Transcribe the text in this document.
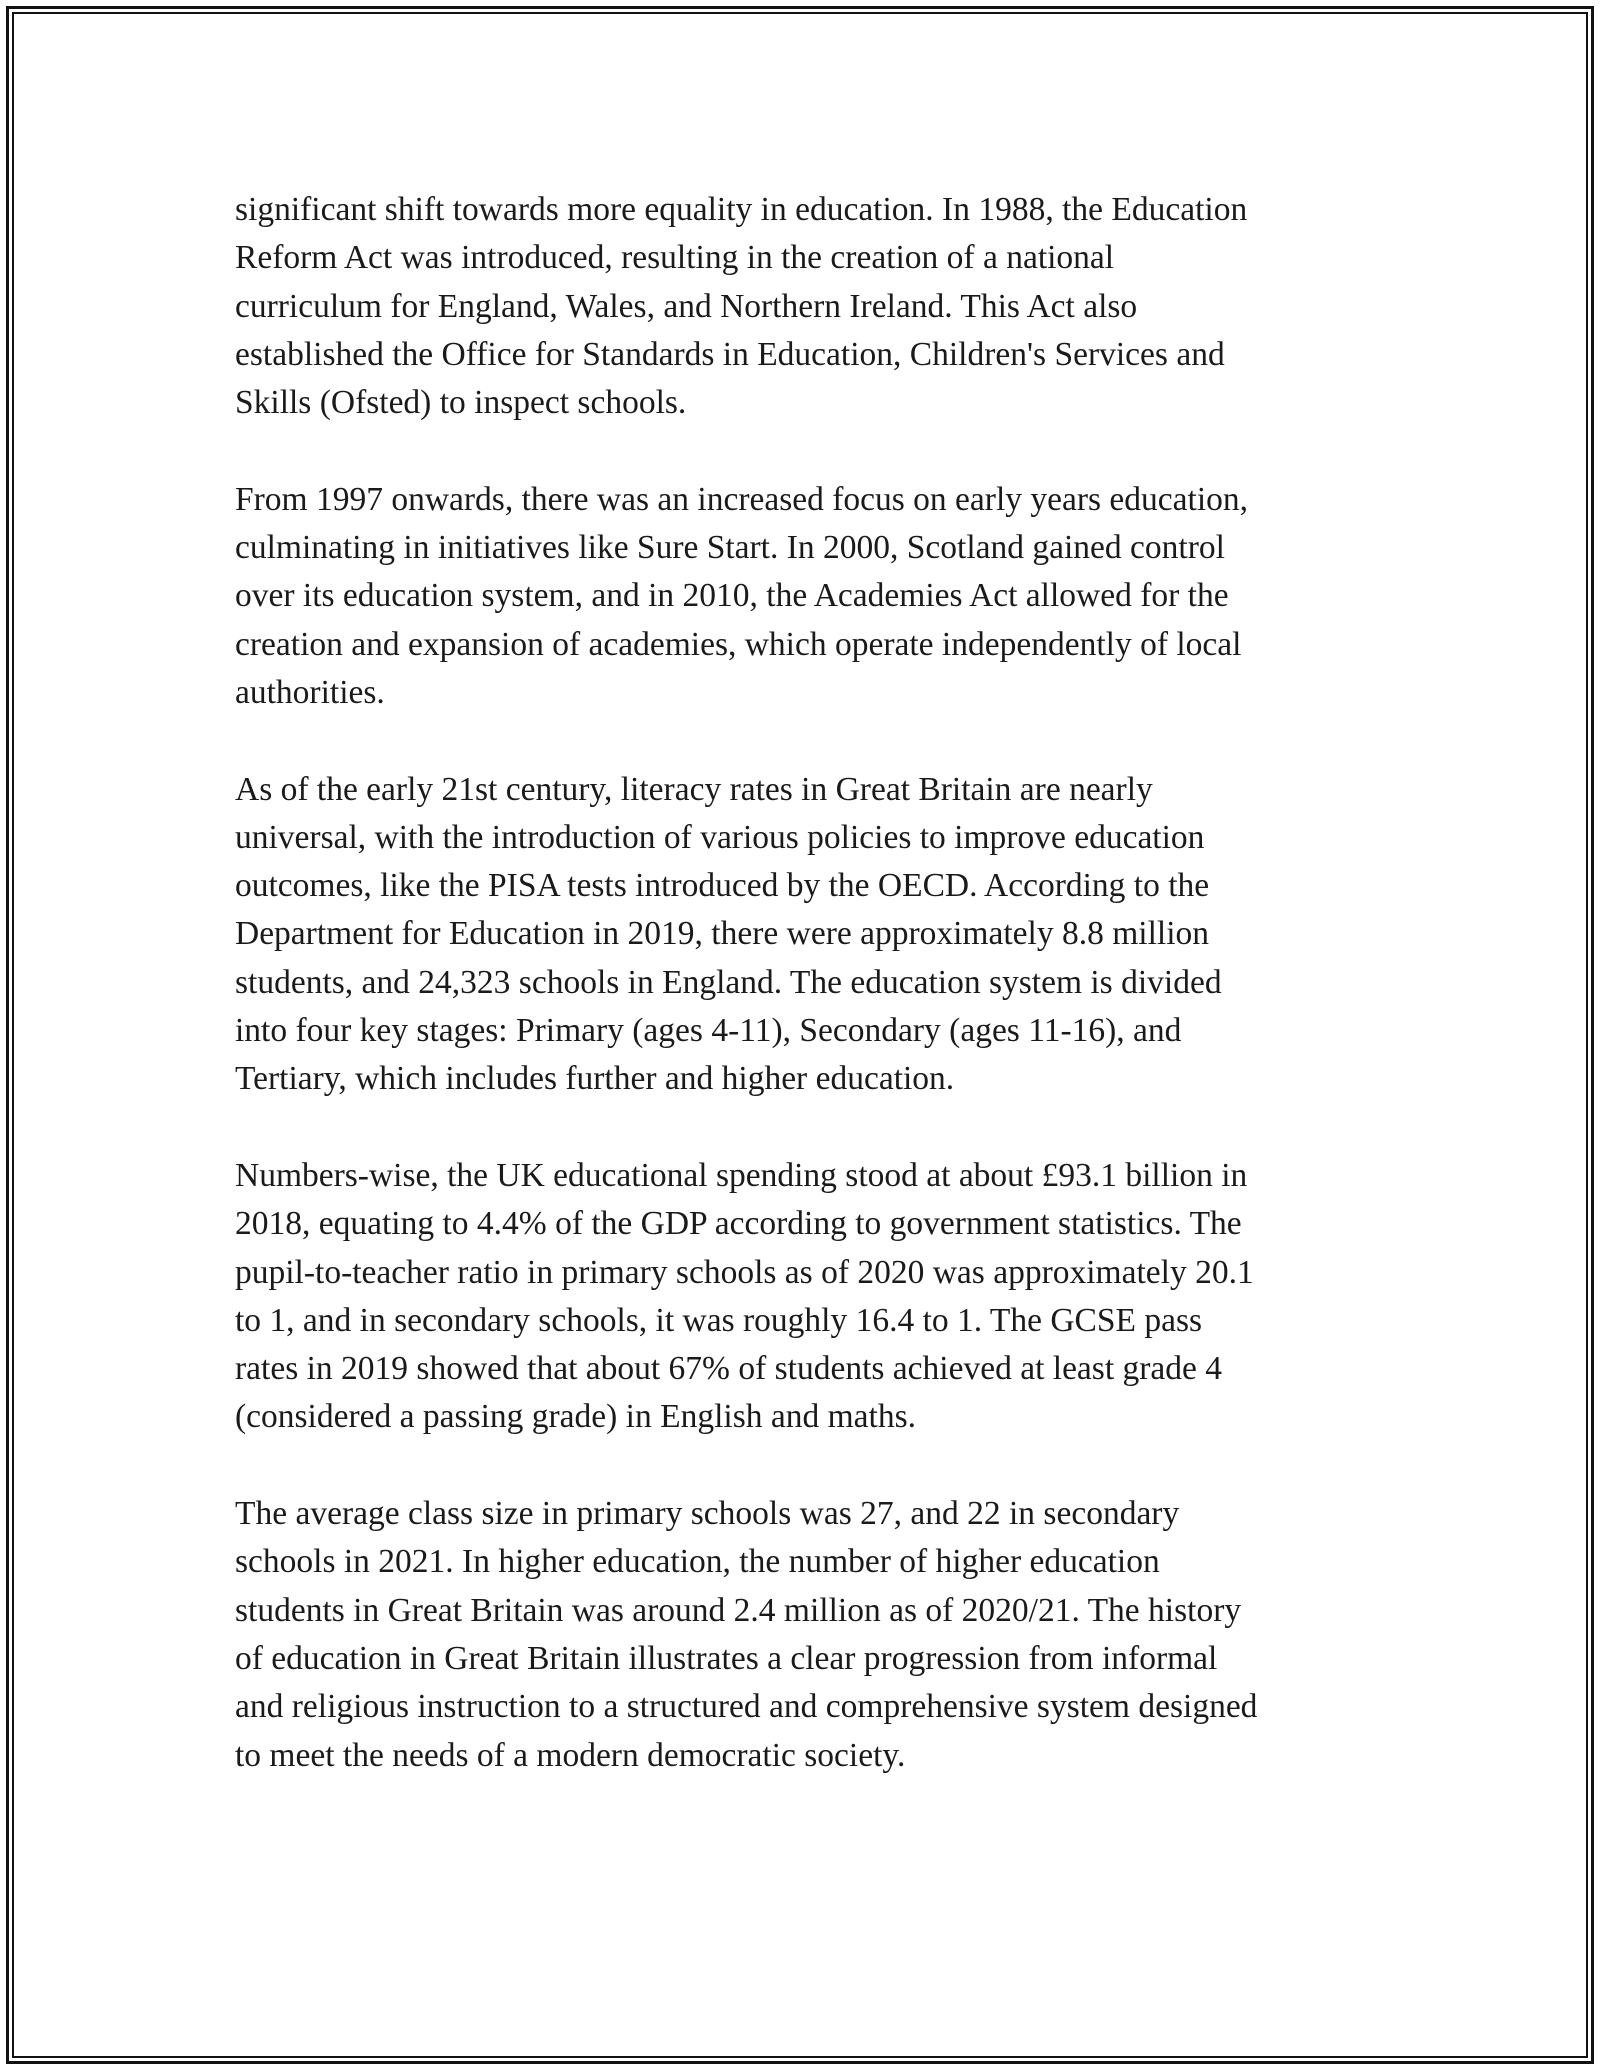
significant shift towards more equality in education. In 1988, the Education
Reform Act was introduced, resulting in the creation of a national
curriculum for England, Wales, and Northern Ireland. This Act also
established the Office for Standards in Education, Children's Services and
Skills (Ofsted) to inspect schools.

From 1997 onwards, there was an increased focus on early years education,
culminating in initiatives like Sure Start. In 2000, Scotland gained control
over its education system, and in 2010, the Academies Act allowed for the
creation and expansion of academies, which operate independently of local
authorities.

As of the early 21st century, literacy rates in Great Britain are nearly
universal, with the introduction of various policies to improve education
outcomes, like the PISA tests introduced by the OECD. According to the
Department for Education in 2019, there were approximately 8.8 million
students, and 24,323 schools in England. The education system is divided
into four key stages: Primary (ages 4-11), Secondary (ages 11-16), and
Tertiary, which includes further and higher education.

Numbers-wise, the UK educational spending stood at about £93.1 billion in
2018, equating to 4.4% of the GDP according to government statistics. The
pupil-to-teacher ratio in primary schools as of 2020 was approximately 20.1
to 1, and in secondary schools, it was roughly 16.4 to 1. The GCSE pass
rates in 2019 showed that about 67% of students achieved at least grade 4
(considered a passing grade) in English and maths.

The average class size in primary schools was 27, and 22 in secondary
schools in 2021. In higher education, the number of higher education
students in Great Britain was around 2.4 million as of 2020/21. The history
of education in Great Britain illustrates a clear progression from informal
and religious instruction to a structured and comprehensive system designed
to meet the needs of a modern democratic society.
